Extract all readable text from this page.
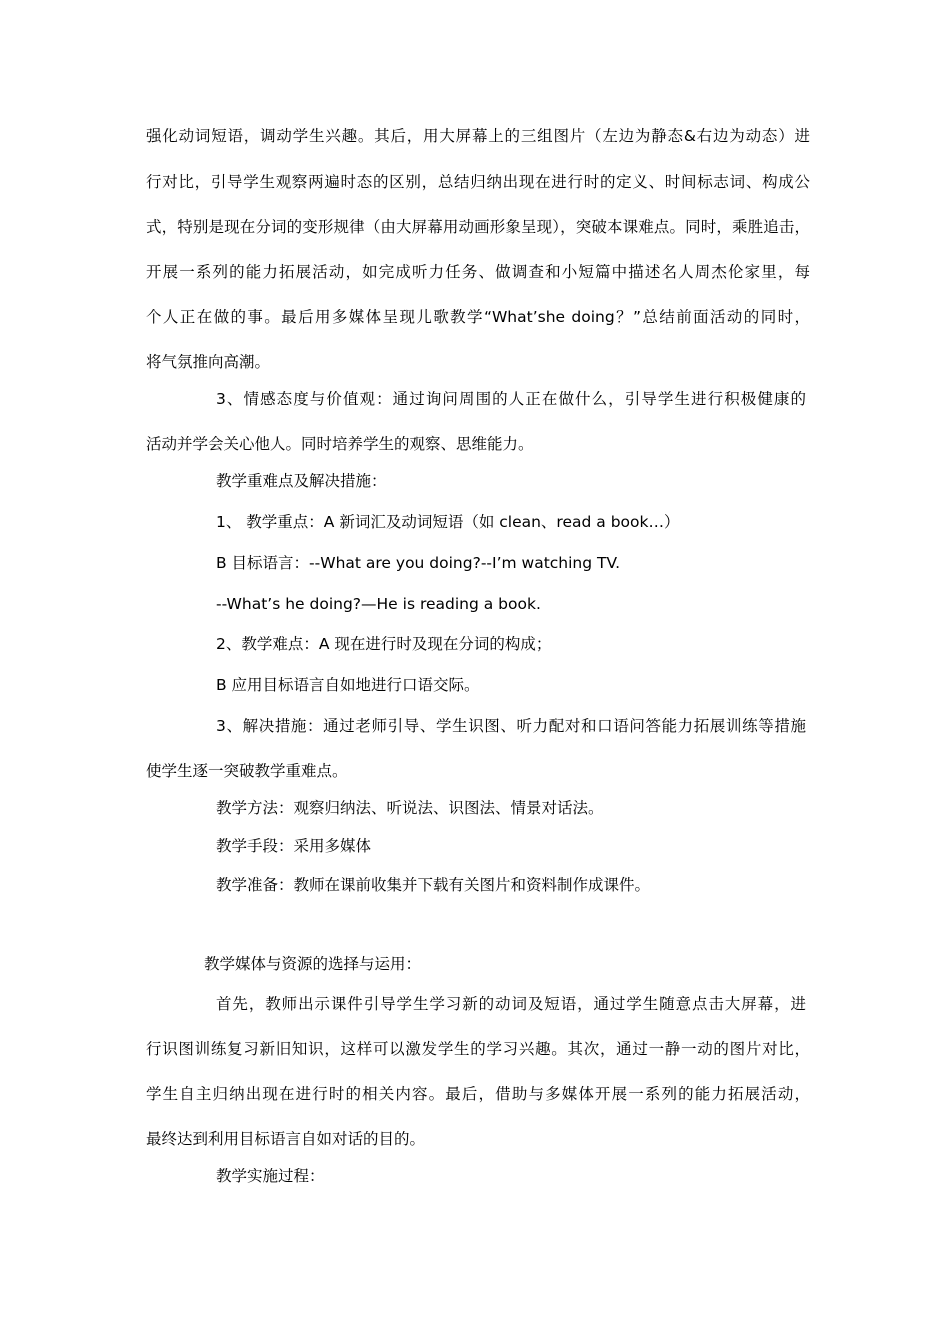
强化动词短语，调动学生兴趣。其后，用大屏幕上的三组图片（左边为静态&右边为动态）进
行对比，引导学生观察两遍时态的区别，总结归纳出现在进行时的定义、时间标志词、构成公
式，特别是现在分词的变形规律（由大屏幕用动画形象呈现），突破本课难点。同时，乘胜追击，
开展一系列的能力拓展活动，如完成听力任务、做调查和小短篇中描述名人周杰伦家里，每
个人正在做的事。最后用多媒体呈现儿歌教学“What’she doing？”总结前面活动的同时，
将气氛推向高潮。
3、情感态度与价值观：通过询问周围的人正在做什么，引导学生进行积极健康的
活动并学会关心他人。同时培养学生的观察、思维能力。
教学重难点及解决措施：
1、 教学重点：A 新词汇及动词短语（如 clean、read a book…）
B 目标语言：--What are you doing?--I’m watching TV.
--What’s he doing?—He is reading a book.
2、教学难点：A 现在进行时及现在分词的构成；
B 应用目标语言自如地进行口语交际。
3、解决措施：通过老师引导、学生识图、听力配对和口语问答能力拓展训练等措施
使学生逐一突破教学重难点。
教学方法：观察归纳法、听说法、识图法、情景对话法。
教学手段：采用多媒体
教学准备：教师在课前收集并下载有关图片和资料制作成课件。
教学媒体与资源的选择与运用：
首先，教师出示课件引导学生学习新的动词及短语，通过学生随意点击大屏幕，进
行识图训练复习新旧知识，这样可以激发学生的学习兴趣。其次，通过一静一动的图片对比，
学生自主归纳出现在进行时的相关内容。最后，借助与多媒体开展一系列的能力拓展活动，
最终达到利用目标语言自如对话的目的。
教学实施过程：
